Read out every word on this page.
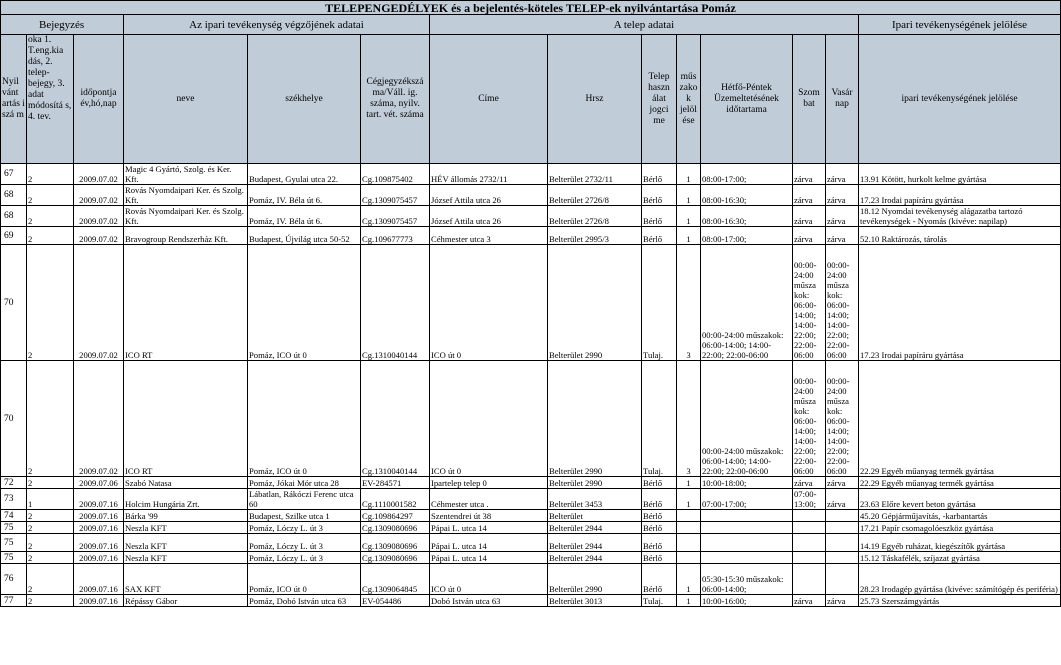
TELEPENGEDÉLYEK és a bejelentés-köteles TELEP-ek nyilvántartása Pomáz													
Bejegyzés			Az ipari tevékenység végzőjének adatai			A telep adatai							Ipari tevékenységének jelölése
Nyil vánt artás i szá m	oka 1. T.eng.kia dás, 2. telep-bejegy, 3. adat módosítá s, 4. tev.	időpontja év,hó,nap	neve	székhelye	Cégjegyzékszá ma/Váll. ig. száma, nyilv. tart. vét. száma	Címe	Hrsz	Telep haszn álat jogci me	műs zako k jelöl ése	Hétfő-Péntek Üzemeltetésének időtartama	Szom bat	Vasár nap	ipari tevékenységének jelölése
67	2	2009.07.02	Magic 4 Gyártó, Szolg. és Ker. Kft.	Budapest, Gyulai utca 22.	Cg.109875402	HÉV állomás 2732/11	Belterület 2732/11	Bérlő	1	08:00-17:00;	zárva	zárva	13.91 Kötött, hurkolt kelme gyártása
68	2	2009.07.02	Rovás Nyomdaipari Ker. és Szolg. Kft.	Pomáz, IV. Béla út 6.	Cg.1309075457	József Attila utca 26	Belterület 2726/8	Bérlő	1	08:00-16:30;	zárva	zárva	17.23 Irodai papíráru gyártása
68	2	2009.07.02	Rovás Nyomdaipari Ker. és Szolg. Kft.	Pomáz, IV. Béla út 6.	Cg.1309075457	József Attila utca 26	Belterület 2726/8	Bérlő	1	08:00-16:30;	zárva	zárva	18.12 Nyomdai tevékenység alágazatba tartozó tevékenységek - Nyomás (kivéve: napilap)
69	2	2009.07.02	Bravogroup Rendszerház Kft.	Budapest, Újvilág utca 50-52	Cg.109677773	Céhmester utca 3	Belterület 2995/3	Bérlő	1	08:00-17:00;	zárva	zárva	52.10 Raktározás, tárolás
70	2	2009.07.02	ICO RT	Pomáz, ICO út 0	Cg.1310040144	ICO út 0	Belterület 2990	Tulaj.	3	00:00-24:00 műszakok: 06:00-14:00; 14:00-22:00; 22:00-06:00	00:00-24:00 műsza kok: 06:00-14:00; 14:00-22:00; 22:00-06:00	00:00-24:00 műsza kok: 06:00-14:00; 14:00-22:00; 22:00-06:00	17.23 Irodai papíráru gyártása
70	2	2009.07.02	ICO RT	Pomáz, ICO út 0	Cg.1310040144	ICO út 0	Belterület 2990	Tulaj.	3	00:00-24:00 műszakok: 06:00-14:00; 14:00-22:00; 22:00-06:00	00:00-24:00 műsza kok: 06:00-14:00; 14:00-22:00; 22:00-06:00	00:00-24:00 műsza kok: 06:00-14:00; 14:00-22:00; 22:00-06:00	22.29 Egyéb műanyag termék gyártása
72	2	2009.07.06	Szabó Natasa	Pomáz, Jókai Mór utca 28	EV-284571	Ipartelep telep 0	Belterület 2990	Bérlő	1	10:00-18:00;	zárva	zárva	22.29 Egyéb műanyag termék gyártása
73	1	2009.07.16	Holcim Hungária Zrt.	Lábatlan, Rákóczi Ferenc utca 60	Cg.1110001582	Céhmester utca .	Belterület 3453	Bérlő	1	07:00-17:00;	07:00-13:00;	zárva	23.63 Előre kevert beton gyártása
74	2	2009.07.16	Bárka '99	Budapest, Szilke utca 1	Cg.109864297	Szentendrei út 38	Belterület	Bérlő					45.20 Gépjárműjavítás, -karbantartás
75	2	2009.07.16	Neszla KFT	Pomáz, Lóczy L. út 3	Cg.1309080696	Pápai L. utca 14	Belterület 2944	Bérlő					17.21 Papír csomagolóeszköz gyártása
75	2	2009.07.16	Neszla KFT	Pomáz, Lóczy L. út 3	Cg.1309080696	Pápai L. utca 14	Belterület 2944	Bérlő					14.19 Egyéb ruházat, kiegészítők gyártása
75	2	2009.07.16	Neszla KFT	Pomáz, Lóczy L. út 3	Cg.1309080696	Pápai L. utca 14	Belterület 2944	Bérlő					15.12 Táskafélék, szíjazat gyártása
76	2	2009.07.16	SAX KFT	Pomáz, ICO út 0	Cg.1309064845	ICO út 0	Belterület 2990	Bérlő	1	05:30-15:30 műszakok: 06:00-14:00;			28.23 Irodagép gyártása (kivéve: számítógép és periféria)
77	2	2009.07.16	Répássy Gábor	Pomáz, Dobó István utca 63	EV-054486	Dobó István utca 63	Belterület 3013	Tulaj.	1	10:00-16:00;	zárva	zárva	25.73 Szerszámgyártás
